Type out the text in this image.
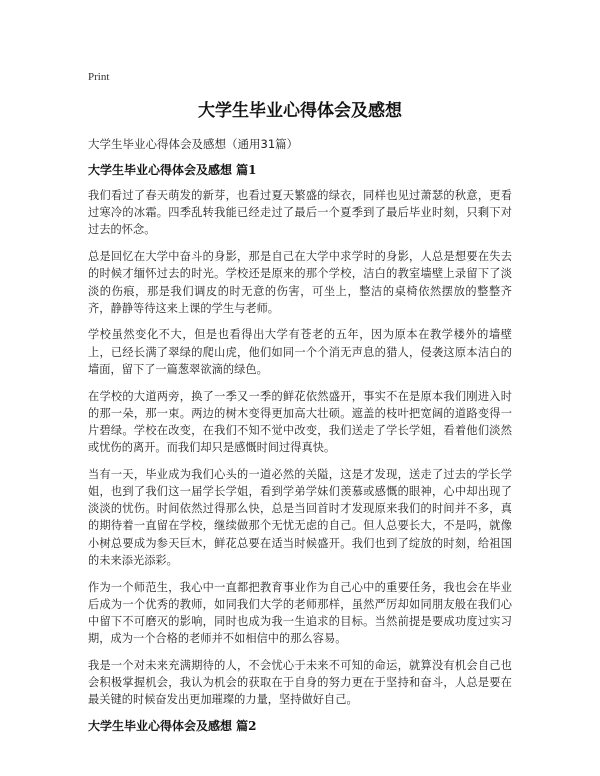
Print
大学生毕业心得体会及感想
大学生毕业心得体会及感想（通用31篇）
大学生毕业心得体会及感想 篇1

我们看过了春天萌发的新芽，也看过夏天繁盛的绿衣，同样也见过萧瑟的秋意，更看过寒冷的冰霜。四季乱转我能已经走过了最后一个夏季到了最后毕业时刻，只剩下对过去的怀念。

总是回忆在大学中奋斗的身影，那是自己在大学中求学时的身影，人总是想要在失去的时候才缅怀过去的时光。学校还是原来的那个学校，洁白的教室墙壁上录留下了淡淡的伤痕，那是我们调皮的时无意的伤害，可坐上，整洁的桌椅依然摆放的整整齐齐，静静等待这来上课的学生与老师。

学校虽然变化不大，但是也看得出大学有苍老的五年，因为原本在教学楼外的墙壁上，已经长满了翠绿的爬山虎，他们如同一个个消无声息的猎人，侵袭这原本洁白的墙面，留下了一篇葱翠欲滴的绿色。

在学校的大道两旁，换了一季又一季的鲜花依然盛开，事实不在是原本我们刚进入时的那一朵，那一束。两边的树木变得更加高大壮硕。遮盖的枝叶把宽阔的道路变得一片碧绿。学校在改变，在我们不知不觉中改变，我们送走了学长学姐，看着他们淡然或忧伤的离开。而我们却只是感慨时间过得真快。

当有一天，毕业成为我们心头的一道必然的关隘，这是才发现，送走了过去的学长学姐，也到了我们这一届学长学姐，看到学弟学妹们羡慕或感慨的眼神，心中却出现了淡淡的忧伤。时间依然过得那么快，总是当回首时才发现原来我们的时间并不多，真的期待着一直留在学校，继续做那个无忧无虑的自己。但人总要长大，不是吗，就像小树总要成为参天巨木，鲜花总要在适当时候盛开。我们也到了绽放的时刻，给祖国的未来添光添彩。

作为一个师范生，我心中一直都把教育事业作为自己心中的重要任务，我也会在毕业后成为一个优秀的教师，如同我们大学的老师那样，虽然严厉却如同朋友般在我们心中留下不可磨灭的影响，同时也成为我一生追求的目标。当然前提是要成功度过实习期，成为一个合格的老师并不如相信中的那么容易。

我是一个对未来充满期待的人，不会忧心于未来不可知的命运，就算没有机会自己也会积极掌握机会，我认为机会的获取在于自身的努力更在于坚持和奋斗，人总是要在最关键的时候奋发出更加璀璨的力量，坚持做好自己。

大学生毕业心得体会及感想 篇2
